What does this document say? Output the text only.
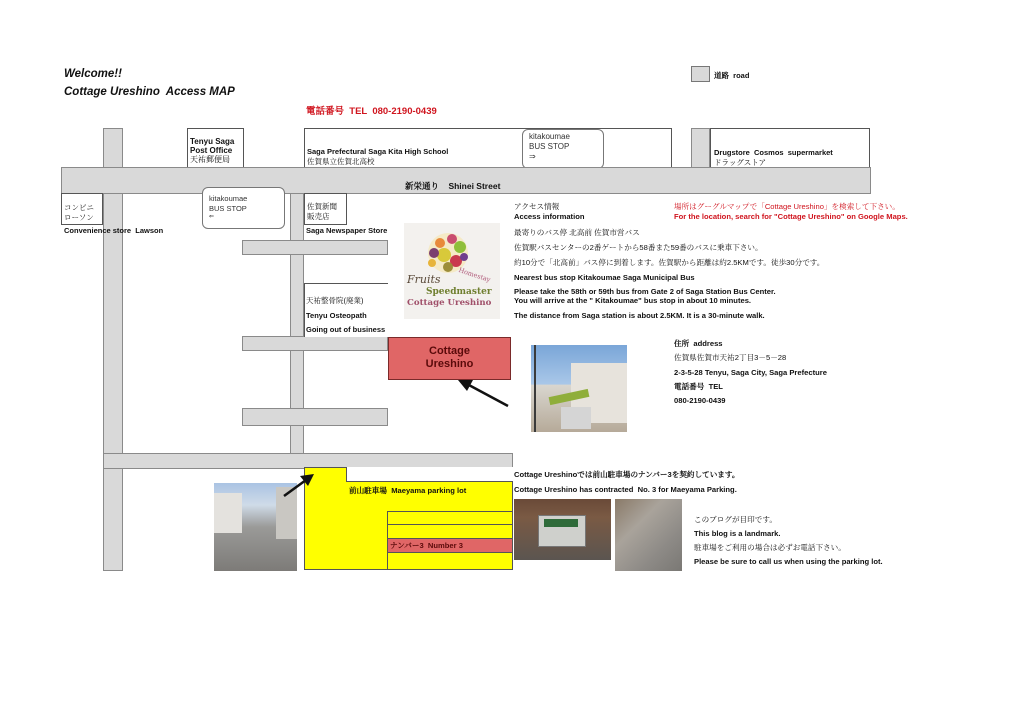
Welcome!!
Cottage Ureshino  Access MAP
電話番号  TEL  080-2190-0439
道路  road
Tenyu Saga
Post Office
天祐郵便局
Saga Prefectural Saga Kita High School
佐賀県立佐賀北高校
kitakoumae
BUS STOP
⇒	Drugstore  Cosmos  supermarket
ドラッグストア
新栄通り    Shinei Street
コンビニ
ローソン
Convenience store  Lawson
kitakoumae
BUS STOP
⇐
佐賀新聞
販売店
Saga Newspaper Store
天祐整骨院(廃業)
Tenyu Osteopath
Going out of business
Fruits	Homestay
Speedmaster
Cottage Ureshino
Cottage
Ureshino
アクセス情報
Access information
場所はグーグルマップで「Cottage Ureshino」を検索して下さい。
For the location, search for "Cottage Ureshino" on Google Maps.
最寄りのバス停 北高前 佐賀市営バス
佐賀駅バスセンターの2番ゲートから58番また59番のバスに乗車下さい。
約10分で「北高前」バス停に到着します。佐賀駅から距離は約2.5KMです。徒歩30分です。
Nearest bus stop Kitakoumae Saga Municipal Bus
Please take the 58th or 59th bus from Gate 2 of Saga Station Bus Center.
You will arrive at the " Kitakoumae" bus stop in about 10 minutes.
The distance from Saga station is about 2.5KM. It is a 30-minute walk.
住所  address
佐賀県佐賀市天祐2丁目3－5－28
2-3-5-28 Tenyu, Saga City, Saga Prefecture
電話番号  TEL
080-2190-0439
前山駐車場  Maeyama parking lot
ナンバー3  Number 3
Cottage Ureshinoでは前山駐車場のナンバー3を契約しています。
Cottage Ureshino has contracted  No. 3 for Maeyama Parking.
このブログが目印です。
This blog is a landmark.
駐車場をご利用の場合は必ずお電話下さい。
Please be sure to call us when using the parking lot.
